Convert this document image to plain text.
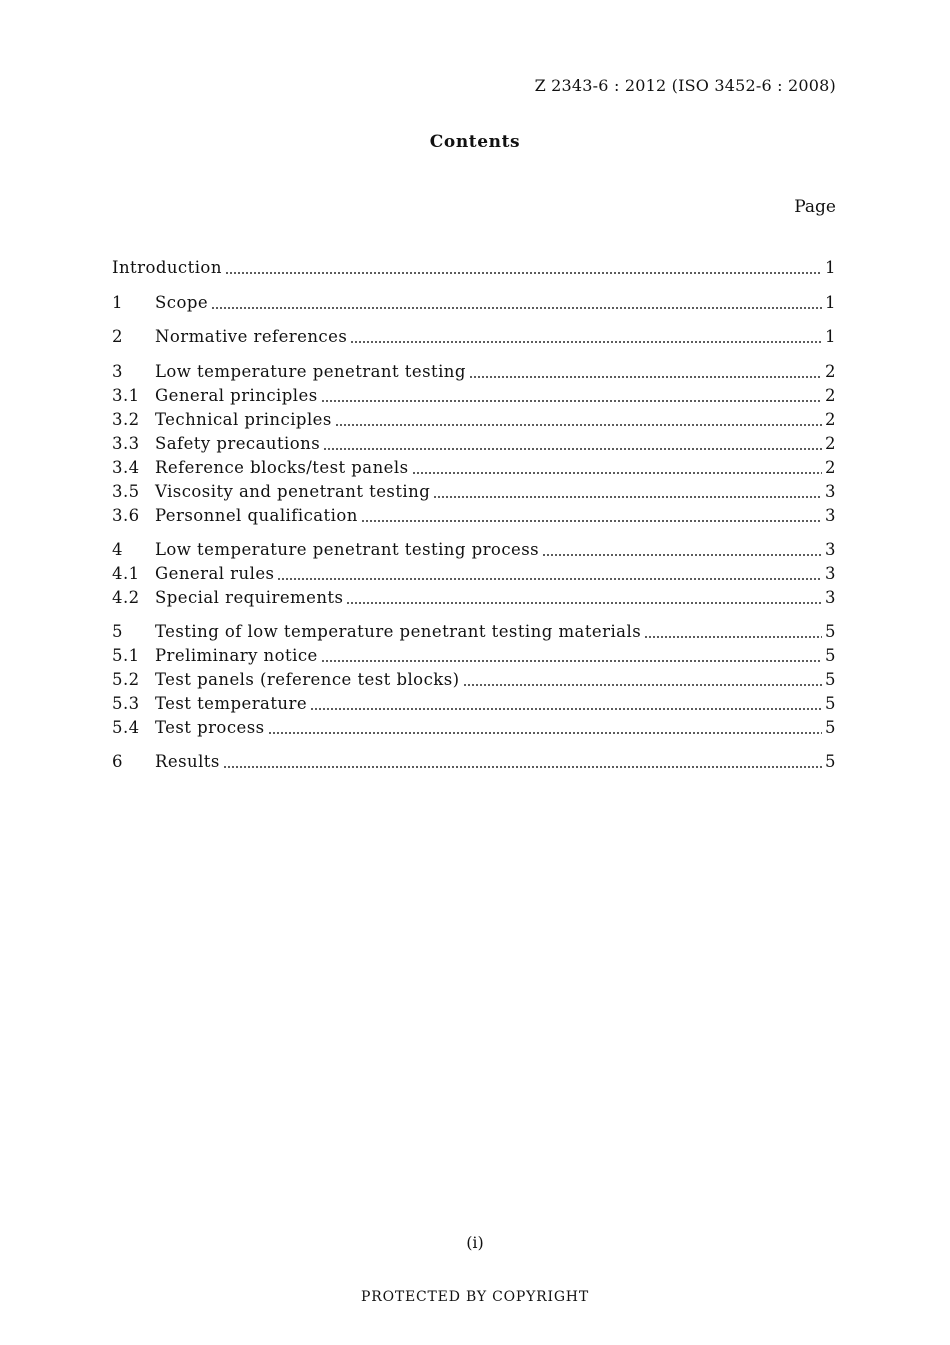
Z 2343-6 : 2012 (ISO 3452-6 : 2008)
Contents
Page
Introduction	1
1	Scope	1
2	Normative references	1
3	Low temperature penetrant testing	2
3.1 General principles	2
3.2 Technical principles	2
3.3 Safety precautions	2
3.4 Reference blocks/test panels	2
3.5 Viscosity and penetrant testing	3
3.6 Personnel qualification	3
4	Low temperature penetrant testing process	3
4.1 General rules	3
4.2 Special requirements	3
5	Testing of low temperature penetrant testing materials	5
5.1 Preliminary notice	5
5.2 Test panels (reference test blocks)	5
5.3 Test temperature	5
5.4 Test process	5
6	Results	5
(i)
PROTECTED BY COPYRIGHT
